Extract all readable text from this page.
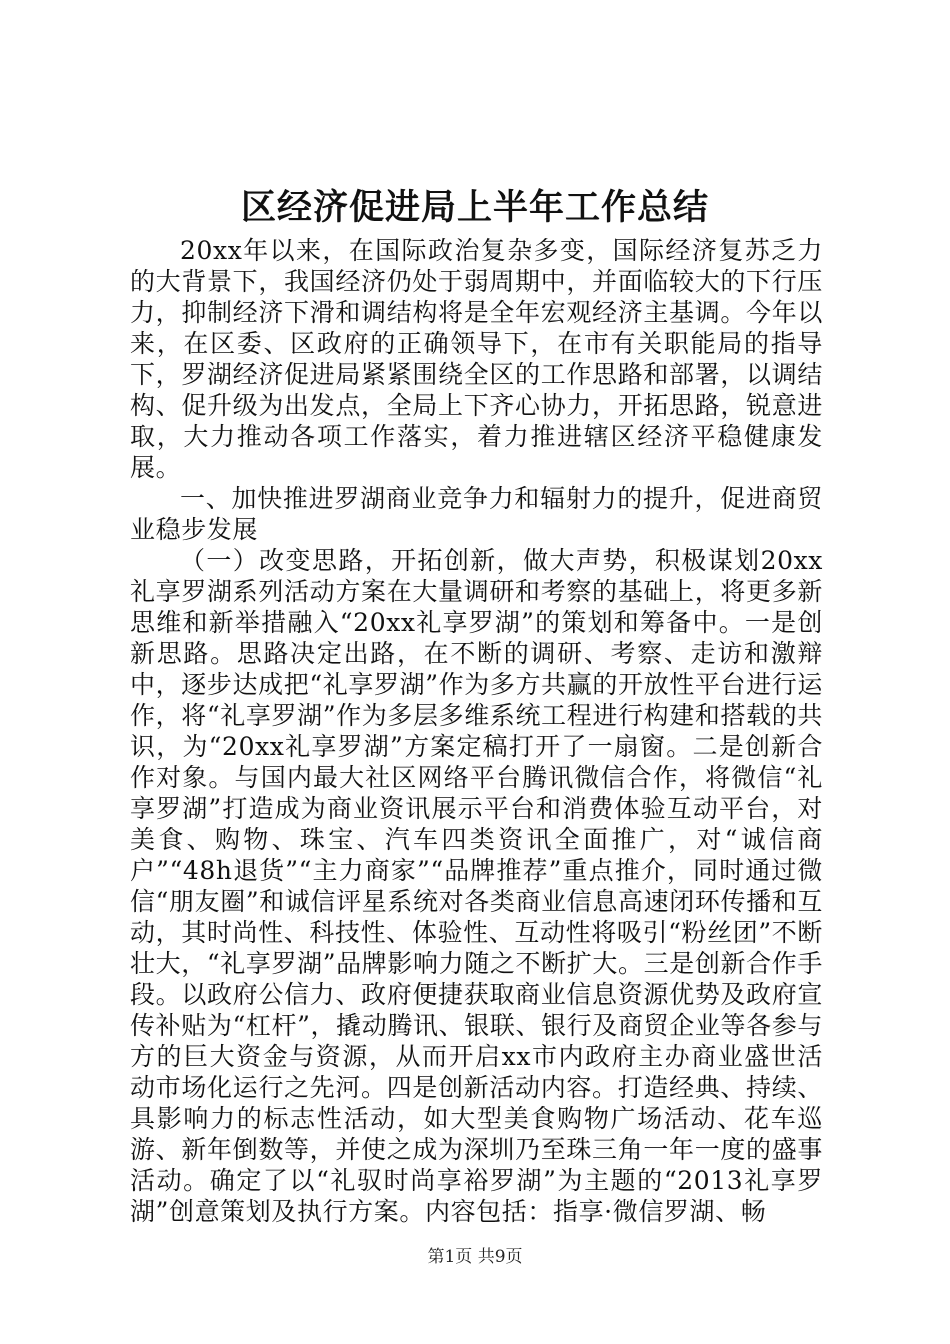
区经济促进局上半年工作总结

20xx年以来，在国际政治复杂多变，国际经济复苏乏力的大背景下，我国经济仍处于弱周期中，并面临较大的下行压力，抑制经济下滑和调结构将是全年宏观经济主基调。今年以来，在区委、区政府的正确领导下，在市有关职能局的指导下，罗湖经济促进局紧紧围绕全区的工作思路和部署，以调结构、促升级为出发点，全局上下齐心协力，开拓思路，锐意进取，大力推动各项工作落实，着力推进辖区经济平稳健康发展。

一、加快推进罗湖商业竞争力和辐射力的提升，促进商贸业稳步发展

（一）改变思路，开拓创新，做大声势，积极谋划20xx礼享罗湖系列活动方案在大量调研和考察的基础上，将更多新思维和新举措融入“20xx礼享罗湖”的策划和筹备中。一是创新思路。思路决定出路，在不断的调研、考察、走访和激辩中，逐步达成把“礼享罗湖”作为多方共赢的开放性平台进行运作，将“礼享罗湖”作为多层多维系统工程进行构建和搭载的共识，为“20xx礼享罗湖”方案定稿打开了一扇窗。二是创新合作对象。与国内最大社区网络平台腾讯微信合作，将微信“礼享罗湖”打造成为商业资讯展示平台和消费体验互动平台，对美食、购物、珠宝、汽车四类资讯全面推广，对“诚信商户”“48h退货”“主力商家”“品牌推荐”重点推介，同时通过微信“朋友圈”和诚信评星系统对各类商业信息高速闭环传播和互动，其时尚性、科技性、体验性、互动性将吸引“粉丝团”不断壮大，“礼享罗湖”品牌影响力随之不断扩大。三是创新合作手段。以政府公信力、政府便捷获取商业信息资源优势及政府宣传补贴为“杠杆”，撬动腾讯、银联、银行及商贸企业等各参与方的巨大资金与资源，从而开启xx市内政府主办商业盛世活动市场化运行之先河。四是创新活动内容。打造经典、持续、具影响力的标志性活动，如大型美食购物广场活动、花车巡游、新年倒数等，并使之成为深圳乃至珠三角一年一度的盛事活动。确定了以“礼驭时尚享裕罗湖”为主题的“2013礼享罗湖”创意策划及执行方案。内容包括：指享·微信罗湖、畅

第1页 共9页
